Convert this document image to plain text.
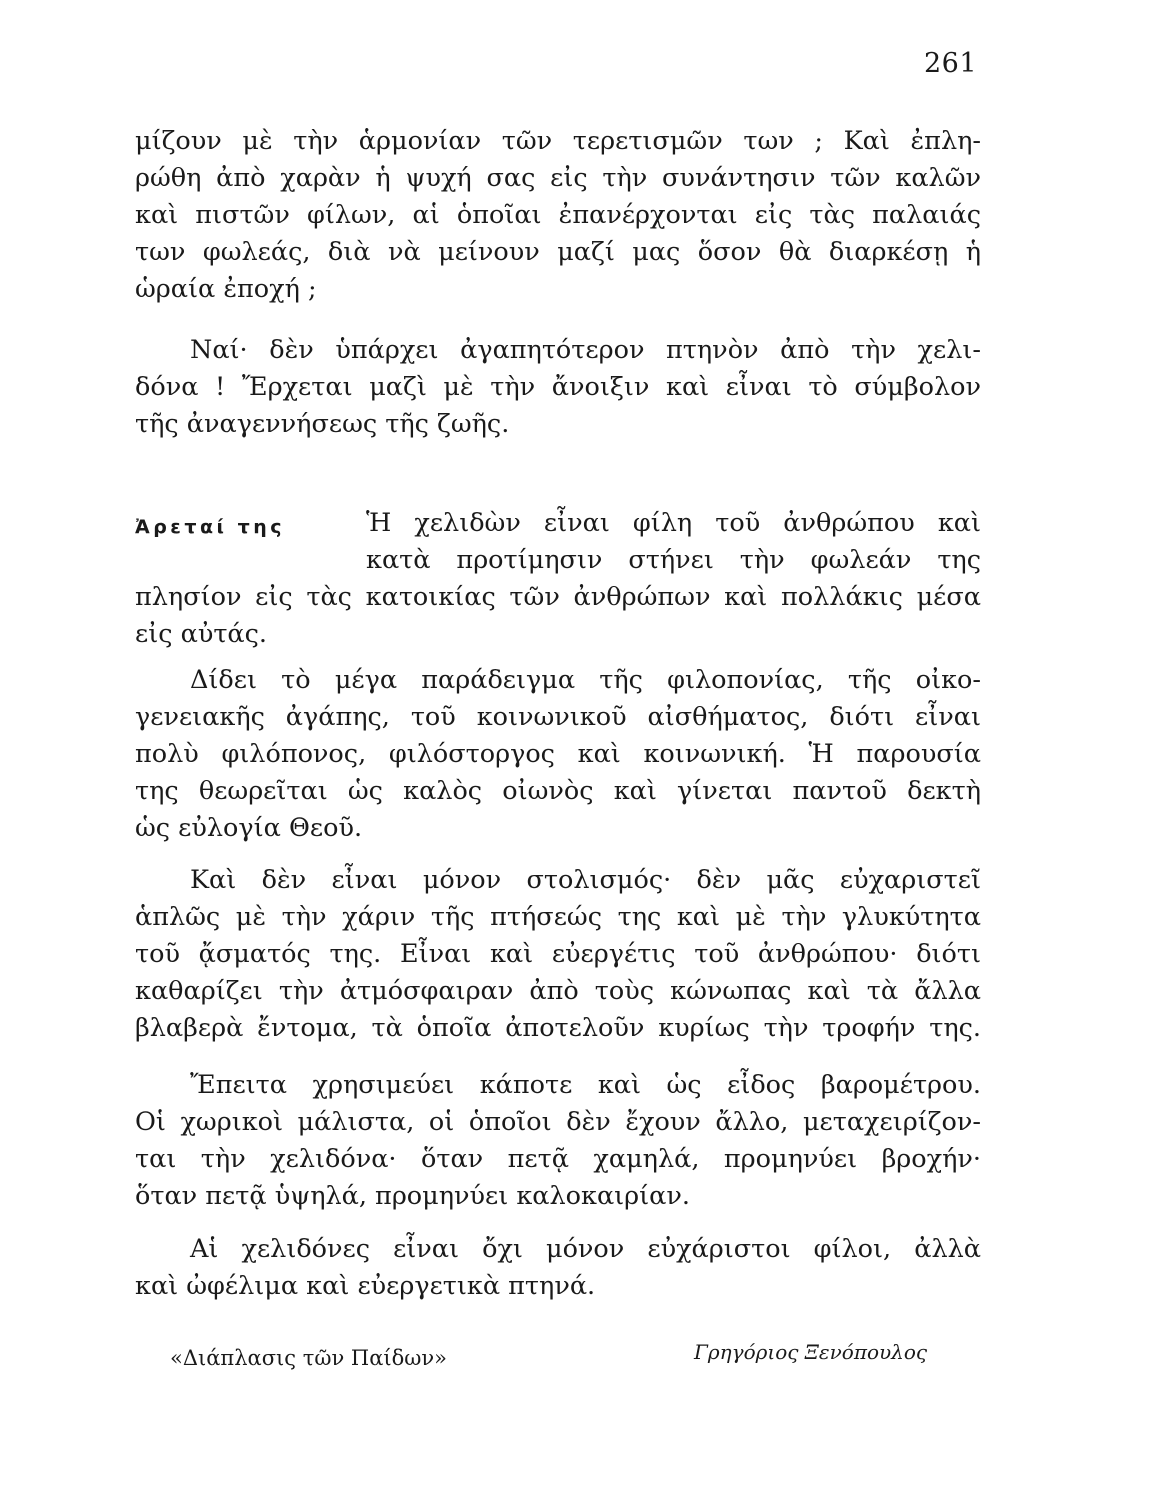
261
μίζουν μὲ τὴν ἁρμονίαν τῶν τερετισμῶν των ; Καὶ ἐπλη-
ρώθη ἀπὸ χαρὰν ἡ ψυχή σας εἰς τὴν συνάντησιν τῶν καλῶν
καὶ πιστῶν φίλων, αἱ ὁποῖαι ἐπανέρχονται εἰς τὰς παλαιάς
των φωλεάς, διὰ νὰ μείνουν μαζί μας ὅσον θὰ διαρκέσῃ ἡ
ὡραία ἐποχή ;
Ναί· δὲν ὑπάρχει ἀγαπητότερον πτηνὸν ἀπὸ τὴν χελι-
δόνα ! Ἔρχεται μαζὶ μὲ τὴν ἄνοιξιν καὶ εἶναι τὸ σύμβολον
τῆς ἀναγεννήσεως τῆς ζωῆς.
Ἀρεταί της	Ἡ χελιδὼν εἶναι φίλη τοῦ ἀνθρώπου καὶ
κατὰ προτίμησιν στήνει τὴν φωλεάν της
πλησίον εἰς τὰς κατοικίας τῶν ἀνθρώπων καὶ πολλάκις μέσα
εἰς αὐτάς.
Δίδει τὸ μέγα παράδειγμα τῆς φιλοπονίας, τῆς οἰκο-
γενειακῆς ἀγάπης, τοῦ κοινωνικοῦ αἰσθήματος, διότι εἶναι
πολὺ φιλόπονος, φιλόστοργος καὶ κοινωνική. Ἡ παρουσία
της θεωρεῖται ὡς καλὸς οἰωνὸς καὶ γίνεται παντοῦ δεκτὴ
ὡς εὐλογία Θεοῦ.
Καὶ δὲν εἶναι μόνον στολισμός· δὲν μᾶς εὐχαριστεῖ
ἁπλῶς μὲ τὴν χάριν τῆς πτήσεώς της καὶ μὲ τὴν γλυκύτητα
τοῦ ᾄσματός της. Εἶναι καὶ εὐεργέτις τοῦ ἀνθρώπου· διότι
καθαρίζει τὴν ἀτμόσφαιραν ἀπὸ τοὺς κώνωπας καὶ τὰ ἄλλα
βλαβερὰ ἔντομα, τὰ ὁποῖα ἀποτελοῦν κυρίως τὴν τροφήν της.
Ἔπειτα χρησιμεύει κάποτε καὶ ὡς εἶδος βαρομέτρου.
Οἱ χωρικοὶ μάλιστα, οἱ ὁποῖοι δὲν ἔχουν ἄλλο, μεταχειρίζον-
ται τὴν χελιδόνα· ὅταν πετᾷ χαμηλά, προμηνύει βροχήν·
ὅταν πετᾷ ὑψηλά, προμηνύει καλοκαιρίαν.
Αἱ χελιδόνες εἶναι ὄχι μόνον εὐχάριστοι φίλοι, ἀλλὰ
καὶ ὠφέλιμα καὶ εὐεργετικὰ πτηνά.
«Διάπλασις τῶν Παίδων»	Γρηγόριος Ξενόπουλος
